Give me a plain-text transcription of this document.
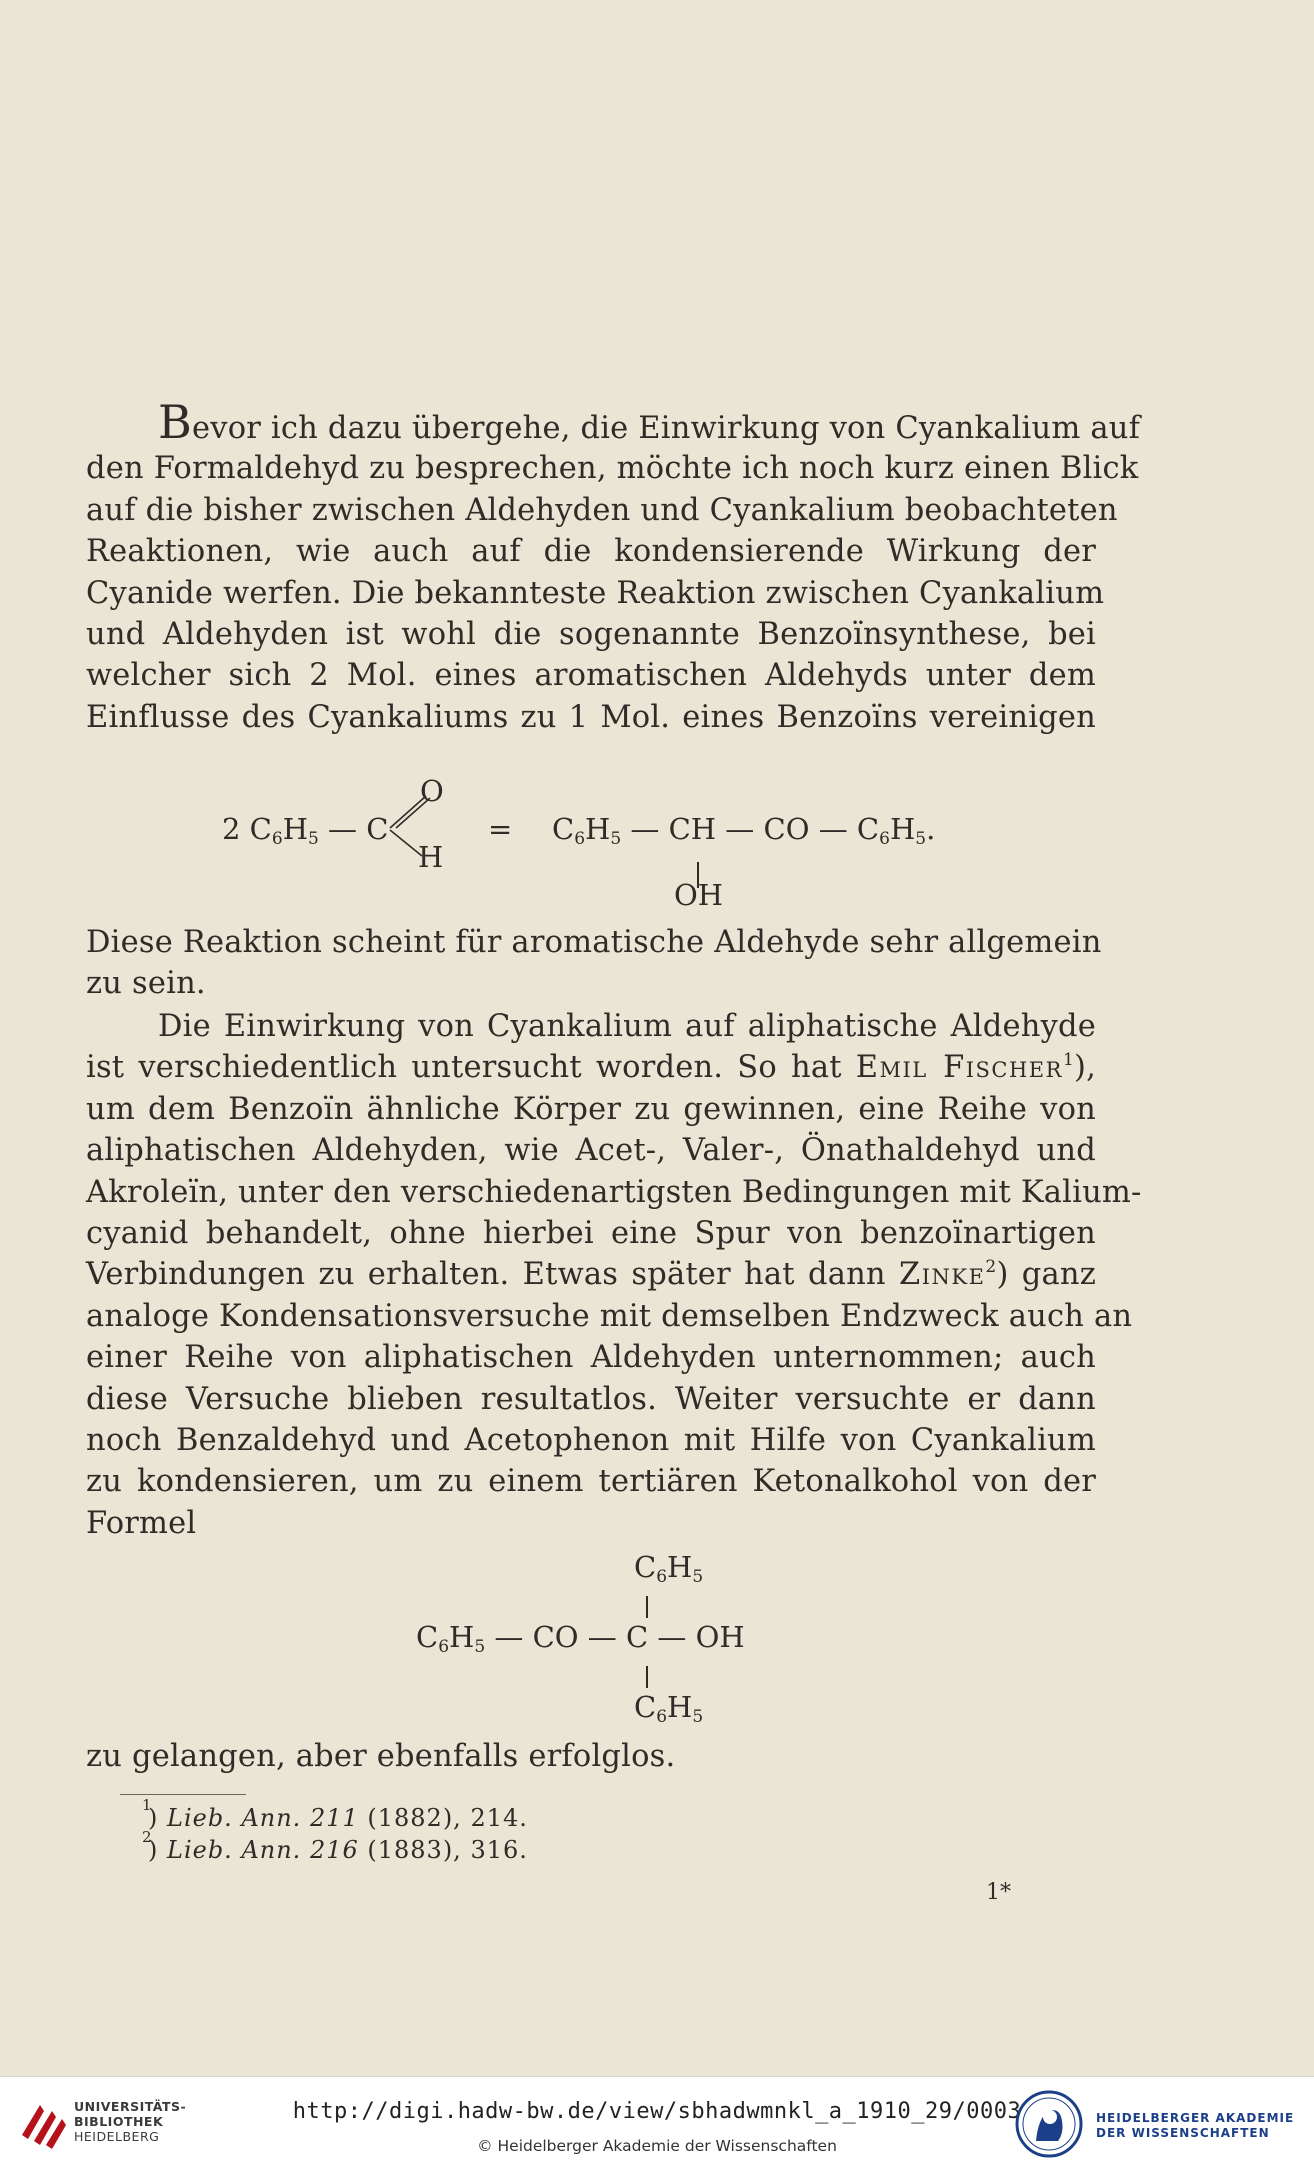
Bevor ich dazu übergehe, die Einwirkung von Cyankalium auf
den Formaldehyd zu besprechen, möchte ich noch kurz einen Blick
auf die bisher zwischen Aldehyden und Cyankalium beobachteten
Reaktionen, wie auch auf die kondensierende Wirkung der
Cyanide werfen. Die bekannteste Reaktion zwischen Cyankalium
und Aldehyden ist wohl die sogenannte Benzoïnsynthese, bei
welcher sich 2 Mol. eines aromatischen Aldehyds unter dem
Einflusse des Cyankaliums zu 1 Mol. eines Benzoïns vereinigen
2 $C_6H_5$ — C
O
H
= $C_6H_5$ — CH — CO — $C_6H_5$.
OH
Diese Reaktion scheint für aromatische Aldehyde sehr allgemein
zu sein.
Die Einwirkung von Cyankalium auf aliphatische Aldehyde
ist verschiedentlich untersucht worden. So hat Emil Fischer$^1$),
um dem Benzoïn ähnliche Körper zu gewinnen, eine Reihe von
aliphatischen Aldehyden, wie Acet-, Valer-, Önathaldehyd und
Akroleïn, unter den verschiedenartigsten Bedingungen mit Kalium-
cyanid behandelt, ohne hierbei eine Spur von benzoïnartigen
Verbindungen zu erhalten. Etwas später hat dann Zinke$^2$) ganz
analoge Kondensationsversuche mit demselben Endzweck auch an
einer Reihe von aliphatischen Aldehyden unternommen; auch
diese Versuche blieben resultatlos. Weiter versuchte er dann
noch Benzaldehyd und Acetophenon mit Hilfe von Cyankalium
zu kondensieren, um zu einem tertiären Ketonalkohol von der
Formel
$C_6H_5$
$C_6H_5$ — CO — C — OH
$C_6H_5$
zu gelangen, aber ebenfalls erfolglos.
1
) Lieb. Ann. 211 (1882), 214.
2
) Lieb. Ann. 216 (1883), 316.
1*
UNIVERSITÄTS-
BIBLIOTHEK
HEIDELBERG
http://digi.hadw-bw.de/view/sbhadwmnkl_a_1910_29/0003
© Heidelberger Akademie der Wissenschaften
HEIDELBERGER AKADEMIE
DER WISSENSCHAFTEN
